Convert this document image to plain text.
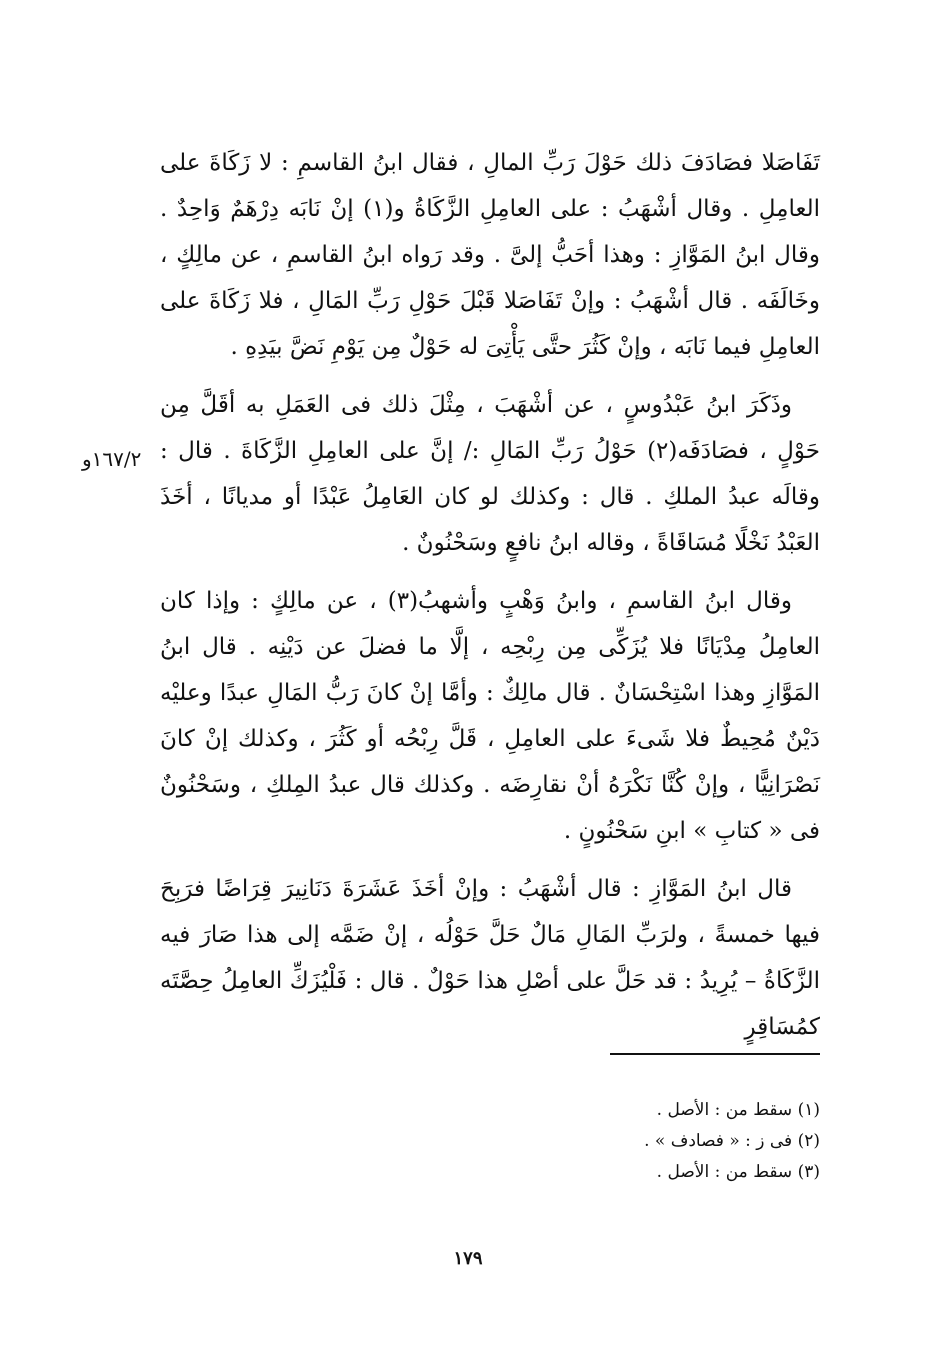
١٦٧/٢و

تَفَاصَلا فصَادَفَ ذلك حَوْلَ رَبِّ المالِ ، فقال ابنُ القاسمِ : لا زَكَاةَ على العامِلِ . وقال أشْهَبُ : على العامِلِ الزَّكَاةُ و(١) إنْ نَابَه دِرْهَمٌ وَاحِدٌ . وقال ابنُ المَوَّازِ : وهذا أحَبُّ إلىَّ . وقد رَواه ابنُ القاسمِ ، عن مالِكٍ ، وخَالَفَه . قال أشْهَبُ : وإنْ تَفَاصَلا قَبْلَ حَوْلِ رَبِّ المَالِ ، فلا زَكَاةَ على العامِلِ فيما نَابَه ، وإنْ كَثُرَ حتَّى يَأْتِىَ له حَوْلٌ مِن يَوْمِ نَضَّ بيَدِهِ .

وذَكَرَ ابنُ عَبْدُوسٍ ، عن أشْهَبَ ، مِثْلَ ذلك فى العَمَلِ به أقَلَّ مِن حَوْلٍ ، فصَادَفَه(٢) حَوْلُ رَبِّ المَالِ :/ إنَّ على العامِلِ الزَّكَاةَ . قال : وقالَه عبدُ الملكِ . قال : وكذلك لو كان العَامِلُ عَبْدًا أو مديانًا ، أخَذَ العَبْدُ نَخْلًا مُسَاقَاةً ، وقاله ابنُ نافعٍ وسَحْنُونٌ .

وقال ابنُ القاسمِ ، وابنُ وَهْبٍ وأشهبُ(٣) ، عن مالِكٍ : وإذا كان العامِلُ مِدْيَانًا فلا يُزَكِّى مِن رِبْحِه ، إلَّا ما فضلَ عن دَيْنِه . قال ابنُ المَوَّازِ وهذا اسْتِحْسَانٌ . قال مالِكٌ : وأمَّا إنْ كانَ رَبُّ المَالِ عبدًا وعليْه دَيْنٌ مُحِيطٌ فلا شَىءَ على العامِلِ ، قَلَّ رِبْحُه أو كَثُرَ ، وكذلك إنْ كانَ نَصْرَانِيًّا ، وإنْ كُنَّا نَكْرَهُ أنْ نقارِضَه . وكذلك قال عبدُ المِلكِ ، وسَحْنُونٌ فى « كتابِ » ابنِ سَحْنُونٍ .

قال ابنُ المَوَّازِ : قال أشْهَبُ : وإنْ أخَذَ عَشَرَةَ دَنَانِيرَ قِرَاضًا فرَبِحَ فيها خمسةً ، ولرَبِّ المَالِ مَالٌ حَلَّ حَوْلُه ، إنْ ضَمَّه إلى هذا صَارَ فيه الزَّكَاةُ – يُرِيدُ : قد حَلَّ على أصْلِ هذا حَوْلٌ . قال : فَلْيُزَكِّ العامِلُ حِصَّتَه كمُسَاقِرٍ

(١) سقط من : الأصل .

(٢) فى ز : « فصادف » .

(٣) سقط من : الأصل .

١٧٩
